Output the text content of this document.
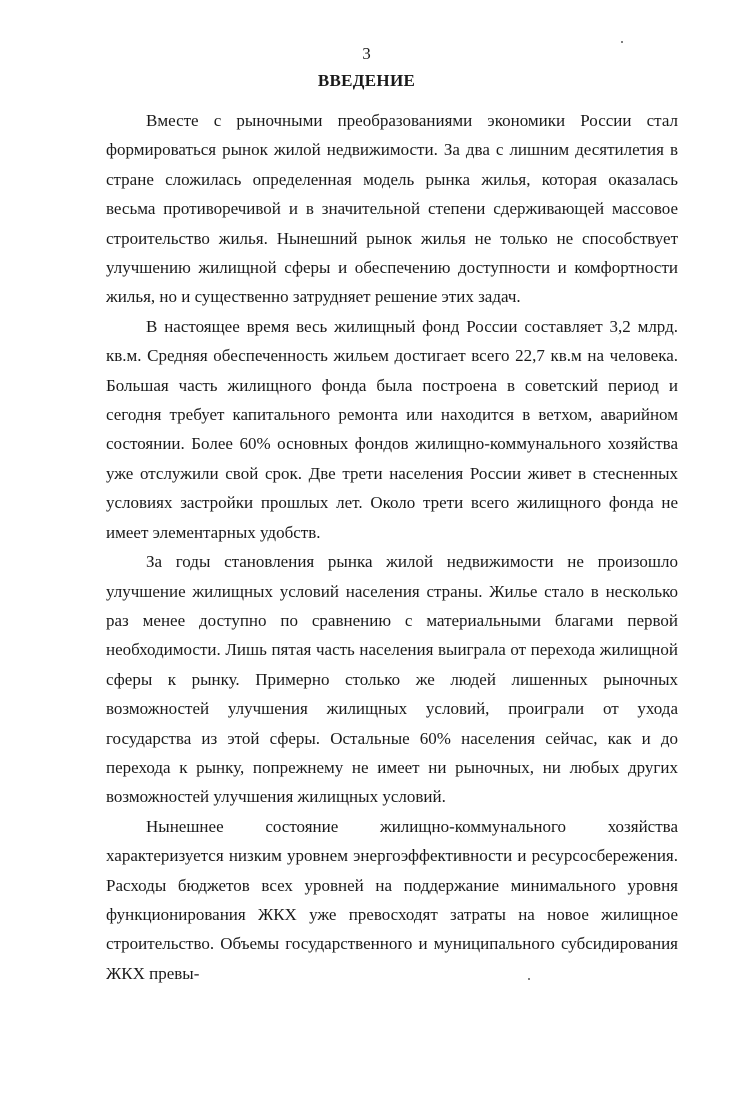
3
ВВЕДЕНИЕ

Вместе с рыночными преобразованиями экономики России стал формироваться рынок жилой недвижимости. За два с лишним десятилетия в стране сложилась определенная модель рынка жилья, которая оказалась весьма противоречивой и в значительной степени сдерживающей массовое строительство жилья. Нынешний рынок жилья не только не способствует улучшению жилищной сферы и обеспечению доступности и комфортности жилья, но и существенно затрудняет решение этих задач.

В настоящее время весь жилищный фонд России составляет 3,2 млрд. кв.м. Средняя обеспеченность жильем достигает всего 22,7 кв.м на человека. Большая часть жилищного фонда была построена в советский период и сегодня требует капитального ремонта или находится в ветхом, аварийном состоянии. Более 60% основных фондов жилищно-коммунального хозяйства уже отслужили свой срок. Две трети населения России живет в стесненных условиях застройки прошлых лет. Около трети всего жилищного фонда не имеет элементарных удобств.

За годы становления рынка жилой недвижимости не произошло улучшение жилищных условий населения страны. Жилье стало в несколько раз менее доступно по сравнению с материальными благами первой необходимости. Лишь пятая часть населения выиграла от перехода жилищной сферы к рынку. Примерно столько же людей лишенных рыночных возможностей улучшения жилищных условий, проиграли от ухода государства из этой сферы. Остальные 60% населения сейчас, как и до перехода к рынку, попрежнему не имеет ни рыночных, ни любых других возможностей улучшения жилищных условий.

Нынешнее состояние жилищно-коммунального хозяйства характеризуется низким уровнем энергоэффективности и ресурсосбережения. Расходы бюджетов всех уровней на поддержание минимального уровня функционирования ЖКХ уже превосходят затраты на новое жилищное строительство. Объемы государственного и муниципального субсидирования ЖКХ превы-
